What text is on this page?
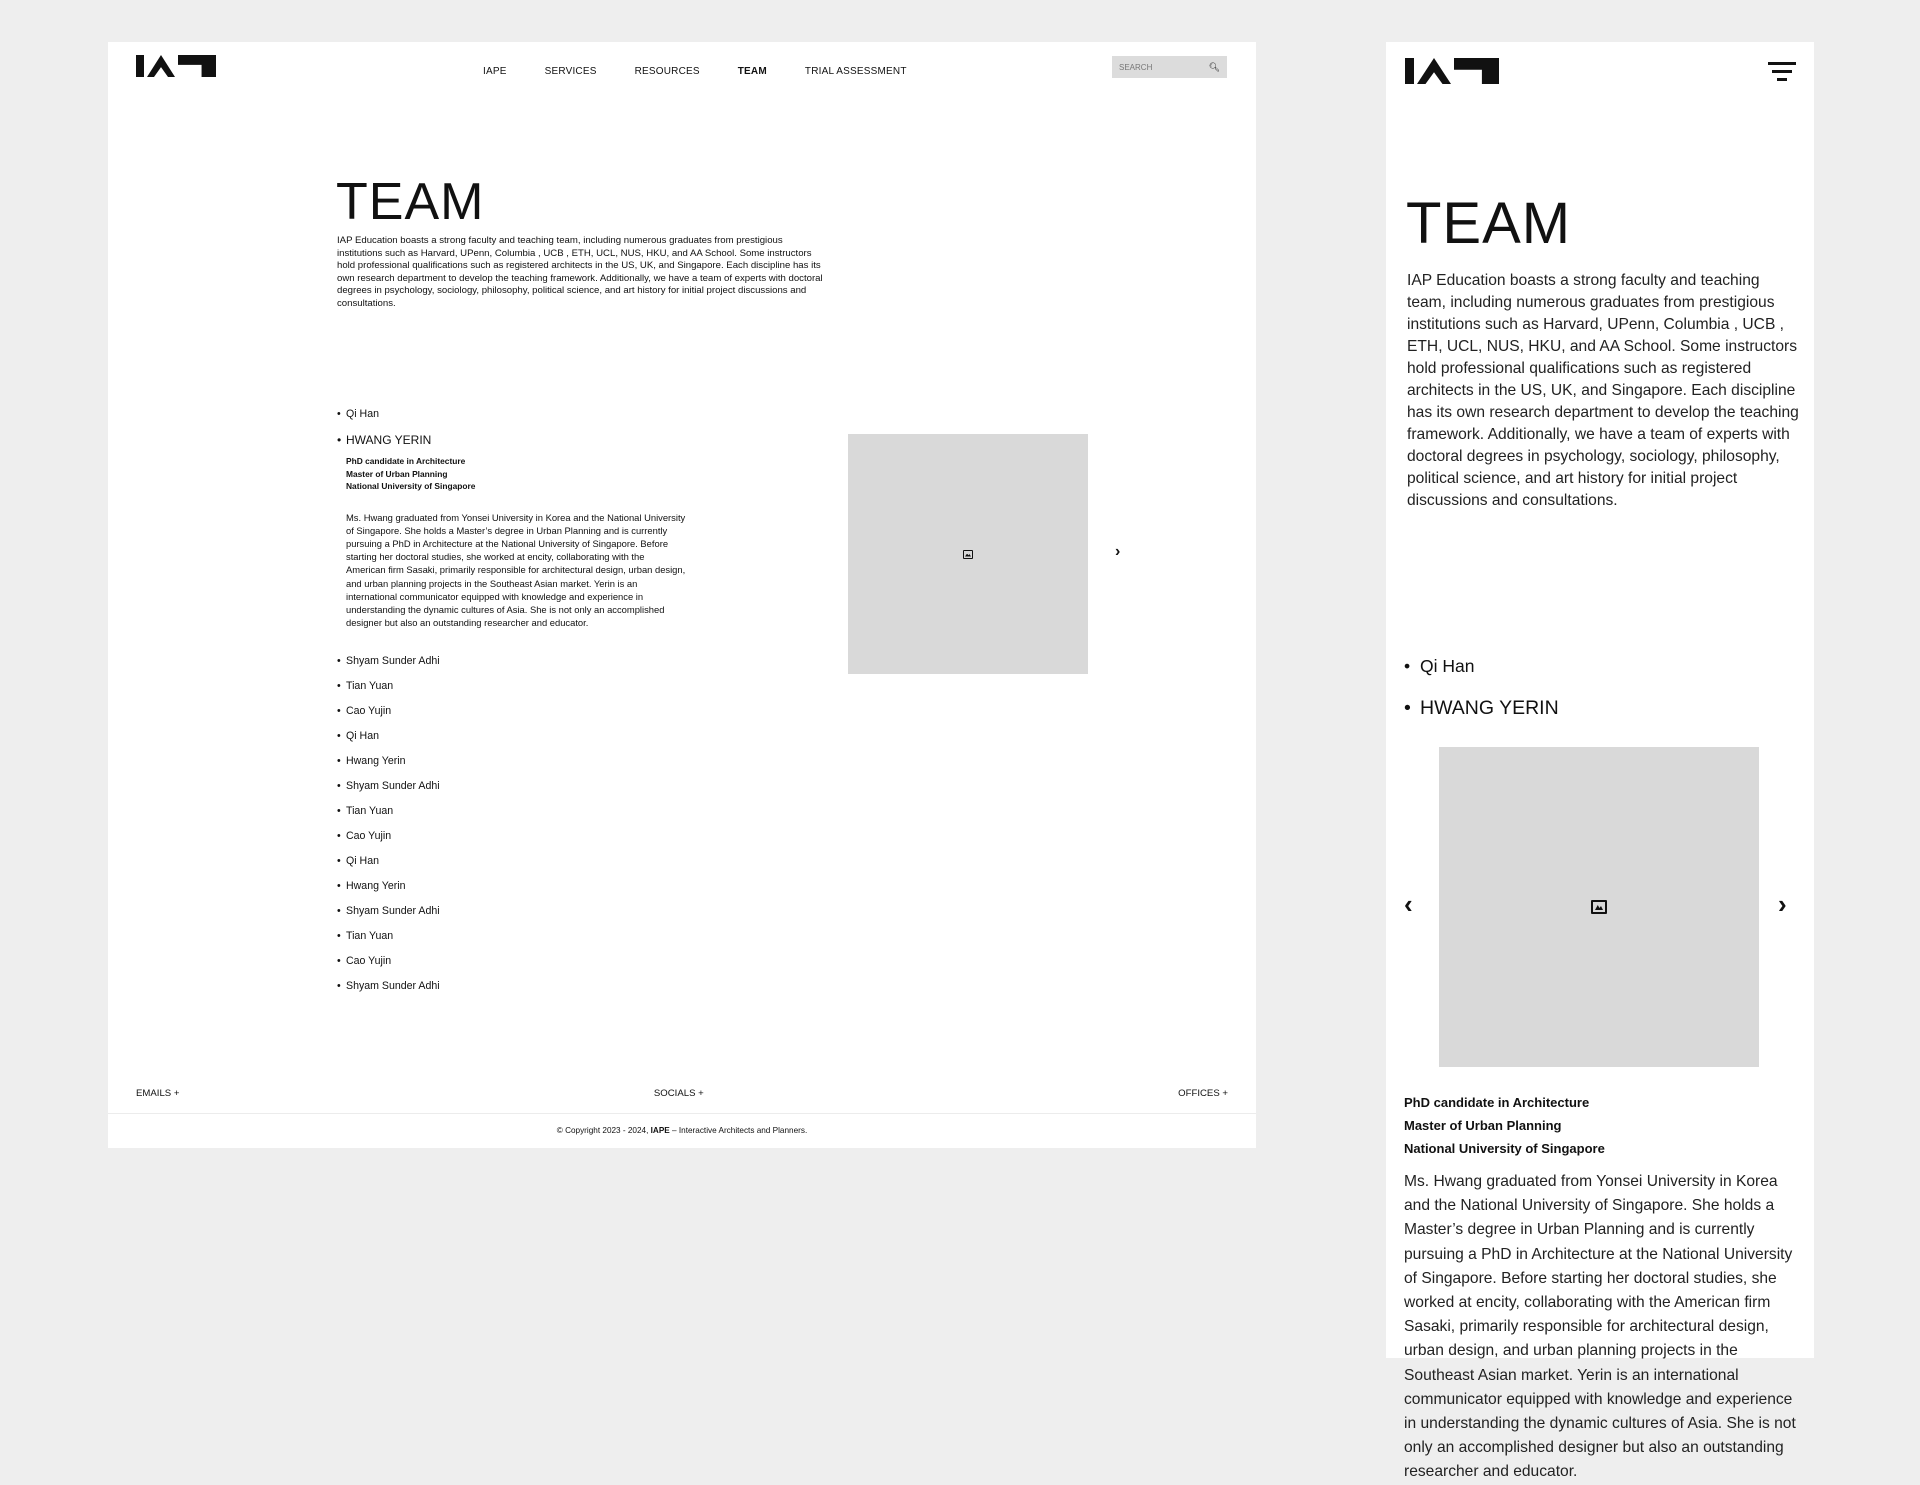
IAPE	SERVICES	RESOURCES	TEAM	TRIAL ASSESSMENT
SEARCH	🔍︎
TEAM

IAP Education boasts a strong faculty and teaching team, including numerous graduates from prestigious institutions such as Harvard, UPenn, Columbia , UCB , ETH, UCL, NUS, HKU, and AA School. Some instructors hold professional qualifications such as registered architects in the US, UK, and Singapore. Each discipline has its own research department to develop the teaching framework. Additionally, we have a team of experts with doctoral degrees in psychology, sociology, philosophy, political science, and art history for initial project discussions and consultations.

• Qi Han
• HWANG YERIN
PhD candidate in Architecture
Master of Urban Planning
National University of Singapore
Ms. Hwang graduated from Yonsei University in Korea and the National University of Singapore. She holds a Master’s degree in Urban Planning and is currently pursuing a PhD in Architecture at the National University of Singapore. Before starting her doctoral studies, she worked at encity, collaborating with the American firm Sasaki, primarily responsible for architectural design, urban design, and urban planning projects in the Southeast Asian market. Yerin is an international communicator equipped with knowledge and experience in understanding the dynamic cultures of Asia. She is not only an accomplished designer but also an outstanding researcher and educator.
• Shyam Sunder Adhi
• Tian Yuan
• Cao Yujin
• Qi Han
• Hwang Yerin
• Shyam Sunder Adhi
• Tian Yuan
• Cao Yujin
• Qi Han
• Hwang Yerin
• Shyam Sunder Adhi
• Tian Yuan
• Cao Yujin
• Shyam Sunder Adhi
›
EMAILS +	SOCIALS +	OFFICES +
© Copyright 2023 - 2024, IAPE – Interactive Architects and Planners.
TEAM

IAP Education boasts a strong faculty and teaching team, including numerous graduates from prestigious institutions such as Harvard, UPenn, Columbia , UCB , ETH, UCL, NUS, HKU, and AA School. Some instructors hold professional qualifications such as registered architects in the US, UK, and Singapore. Each discipline has its own research department to develop the teaching framework. Additionally, we have a team of experts with doctoral degrees in psychology, sociology, philosophy, political science, and art history for initial project discussions and consultations.

• Qi Han
• HWANG YERIN
‹	›
PhD candidate in Architecture
Master of Urban Planning
National University of Singapore

Ms. Hwang graduated from Yonsei University in Korea and the National University of Singapore. She holds a Master’s degree in Urban Planning and is currently pursuing a PhD in Architecture at the National University of Singapore. Before starting her doctoral studies, she worked at encity, collaborating with the American firm Sasaki, primarily responsible for architectural design, urban design, and urban planning projects in the Southeast Asian market. Yerin is an international communicator equipped with knowledge and experience in understanding the dynamic cultures of Asia. She is not only an accomplished designer but also an outstanding researcher and educator.
